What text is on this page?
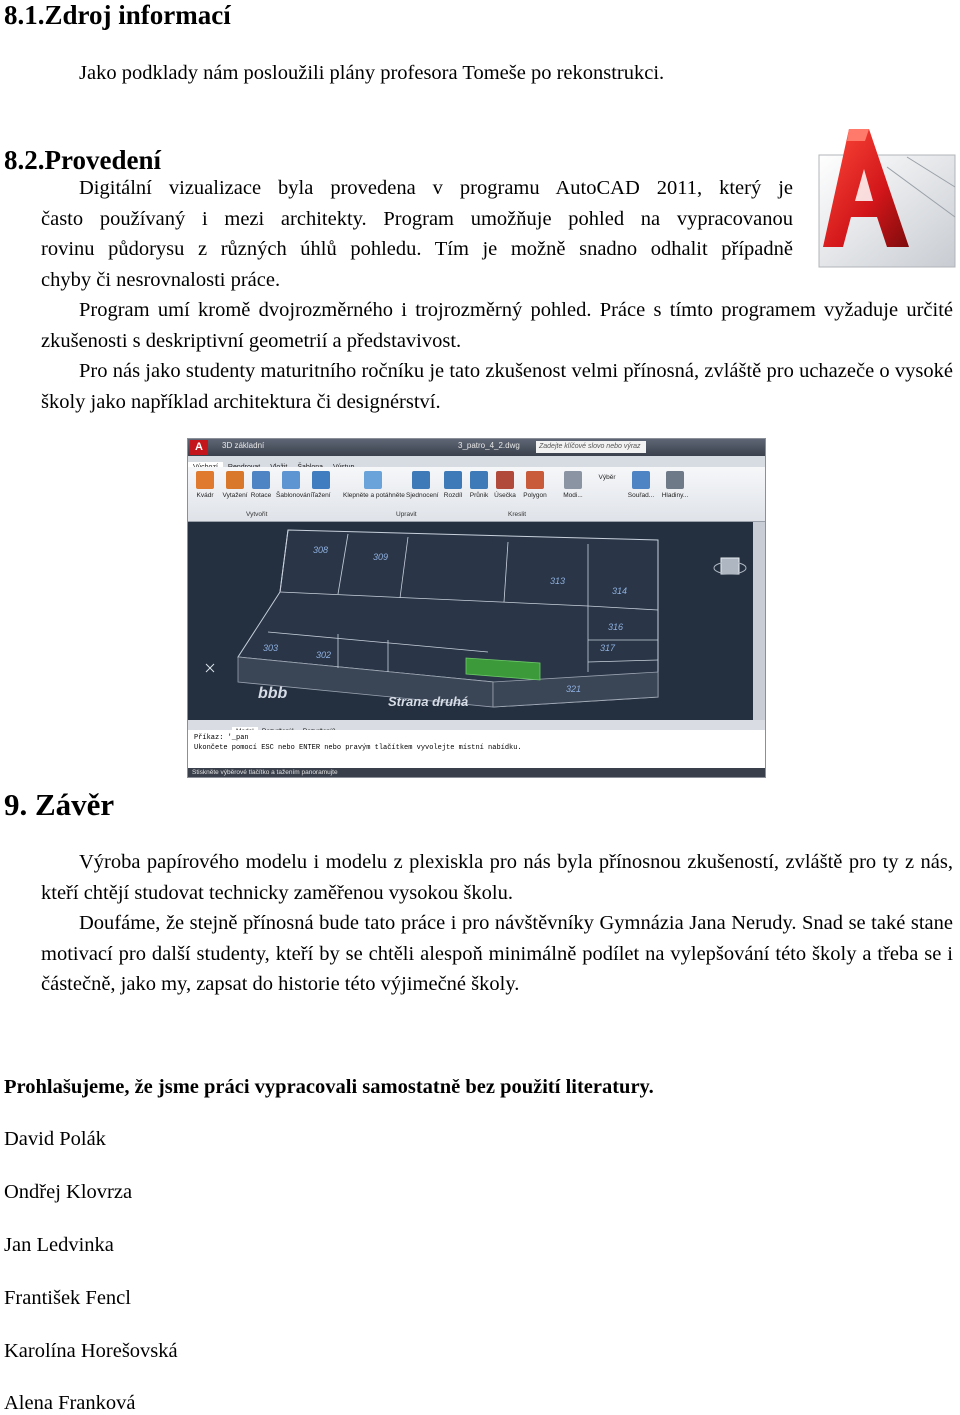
8.1.Zdroj informací

Jako podklady nám posloužili plány profesora Tomeše po rekonstrukci.

8.2.Provedení
Digitální vizualizace byla provedena v programu AutoCAD 2011, který je
často používaný i mezi architekty. Program umožňuje pohled na vypracovanou
rovinu půdorysu z různých úhlů pohledu. Tím je možně snadno odhalit případně
chyby či nesrovnalosti práce.
A

Program umí kromě dvojrozměrného i trojrozměrný pohled. Práce s tímto programem vyžaduje určité zkušenosti s deskriptivní geometrií a představivost.

Pro nás jako studenty maturitního ročníku je tato zkušenost velmi přínosná, zvláště pro uchazeče o vysoké školy jako například architektura či designérství.

A	3D základní	3_patro_4_2.dwg	Zadejte klíčové slovo nebo výraz
Kvádr	Vytažení Rotace Šablonování Tažení	Klepněte a potáhněte Sjednocení Rozdíl	Průnik Úsečka	Polygon	Modi...
Výběr
Souřad... Hladiny...
Vytvořit	Upravit	Kreslit
308
309
313
314
316
317
303
302
321
bbb	Strana druhá
Příkaz: '_pan
Ukončete pomocí ESC nebo ENTER nebo pravým tlačítkem vyvolejte místní nabídku.
Stiskněte výběrové tlačítko a tažením panoramujte
9. Závěr

Výroba papírového modelu i modelu z plexiskla pro nás byla přínosnou zkušeností, zvláště pro ty z nás, kteří chtějí studovat technicky zaměřenou vysokou školu.

Doufáme, že stejně přínosná bude tato práce i pro návštěvníky Gymnázia Jana Nerudy. Snad se také stane motivací pro další studenty, kteří by se chtěli alespoň minimálně podílet na vylepšování této školy a třeba se i částečně, jako my, zapsat do historie této výjimečné školy.

Prohlašujeme, že jsme práci vypracovali samostatně bez použití literatury.

David Polák
Ondřej Klovrza
Jan Ledvinka
František Fencl
Karolína Horešovská
Alena Franková
